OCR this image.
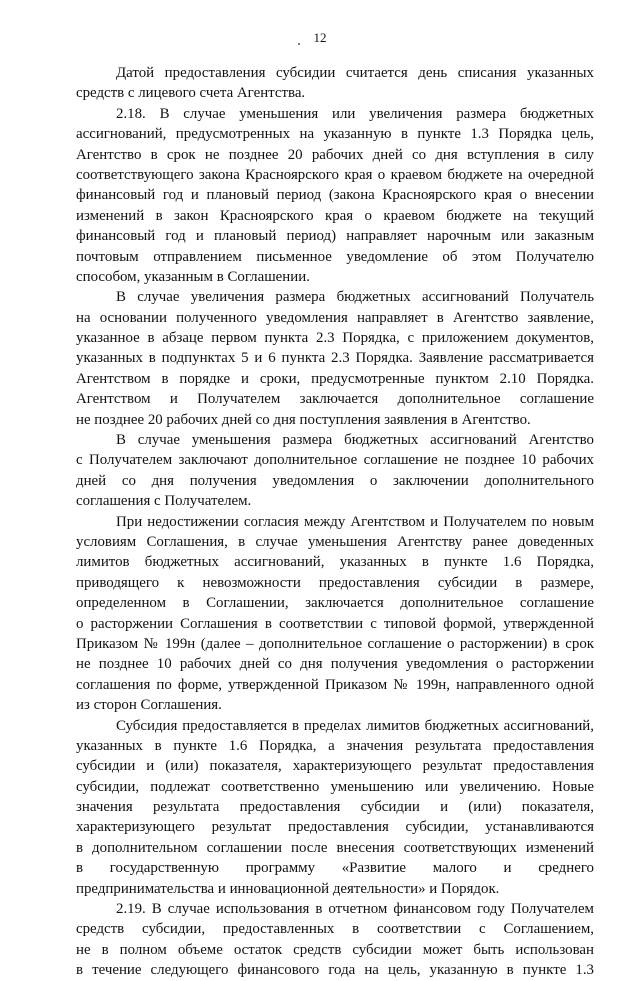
12
Датой предоставления субсидии считается день списания указанных
средств с лицевого счета Агентства.
2.18. В случае уменьшения или увеличения размера бюджетных
ассигнований, предусмотренных на указанную в пункте 1.3 Порядка цель,
Агентство в срок не позднее 20 рабочих дней со дня вступления в силу
соответствующего закона Красноярского края о краевом бюджете на очередной
финансовый год и плановый период (закона Красноярского края о внесении
изменений в закон Красноярского края о краевом бюджете на текущий
финансовый год и плановый период) направляет нарочным или заказным
почтовым отправлением письменное уведомление об этом Получателю
способом, указанным в Соглашении.
В случае увеличения размера бюджетных ассигнований Получатель
на основании полученного уведомления направляет в Агентство заявление,
указанное в абзаце первом пункта 2.3 Порядка, с приложением документов,
указанных в подпунктах 5 и 6 пункта 2.3 Порядка. Заявление рассматривается
Агентством в порядке и сроки, предусмотренные пунктом 2.10 Порядка.
Агентством и Получателем заключается дополнительное соглашение
не позднее 20 рабочих дней со дня поступления заявления в Агентство.
В случае уменьшения размера бюджетных ассигнований Агентство
с Получателем заключают дополнительное соглашение не позднее 10 рабочих
дней со дня получения уведомления о заключении дополнительного
соглашения с Получателем.
При недостижении согласия между Агентством и Получателем по новым
условиям Соглашения, в случае уменьшения Агентству ранее доведенных
лимитов бюджетных ассигнований, указанных в пункте 1.6 Порядка,
приводящего к невозможности предоставления субсидии в размере,
определенном в Соглашении, заключается дополнительное соглашение
о расторжении Соглашения в соответствии с типовой формой, утвержденной
Приказом № 199н (далее – дополнительное соглашение о расторжении) в срок
не позднее 10 рабочих дней со дня получения уведомления о расторжении
соглашения по форме, утвержденной Приказом № 199н, направленного одной
из сторон Соглашения.
Субсидия предоставляется в пределах лимитов бюджетных ассигнований,
указанных в пункте 1.6 Порядка, а значения результата предоставления
субсидии и (или) показателя, характеризующего результат предоставления
субсидии, подлежат соответственно уменьшению или увеличению. Новые
значения результата предоставления субсидии и (или) показателя,
характеризующего результат предоставления субсидии, устанавливаются
в дополнительном соглашении после внесения соответствующих изменений
в государственную программу «Развитие малого и среднего
предпринимательства и инновационной деятельности» и Порядок.
2.19. В случае использования в отчетном финансовом году Получателем
средств субсидии, предоставленных в соответствии с Соглашением,
не в полном объеме остаток средств субсидии может быть использован
в течение следующего финансового года на цель, указанную в пункте 1.3
